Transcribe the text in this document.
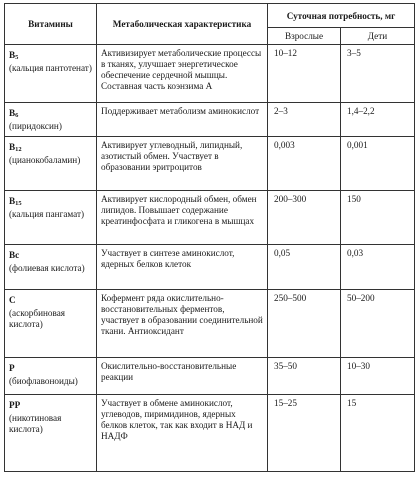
Витамины	Метаболическая характеристика	Суточная потребность, мг	
		Взрослые	Дети

$B_5$
(кальция пантотенат)	Активизирует метаболические процессы в тканях, улучшает энергетическое обеспечение сердечной мышцы. Составная часть коэнзима А	10–12	3–5

$B_6$
(пиридоксин)	Поддерживает метаболизм аминокислот	2–3	1,4–2,2

$B_{12}$
(цианокобаламин)	Активирует углеводный, липидный, азотистый обмен. Участвует в образовании эритроцитов	0,003	0,001

$B_{15}$
(кальция пангамат)	Активирует кислородный обмен, обмен липидов. Повышает содержание креатинфосфата и гликогена в мышцах	200–300	150

Вс
(фолиевая кислота)	Участвует в синтезе аминокислот, ядерных белков клеток	0,05	0,03

С
(аскорбиновая кислота)	Кофермент ряда окислительно-восстановительных ферментов, участвует в образовании соединительной ткани. Антиоксидант	250–500	50–200

Р
(биофлавоноиды)	Окислительно-восстановительные реакции	35–50	10–30

РР
(никотиновая кислота)	Участвует в обмене аминокислот, углеводов, пиримидинов, ядерных белков клеток, так как входит в НАД и НАДФ	15–25	15
